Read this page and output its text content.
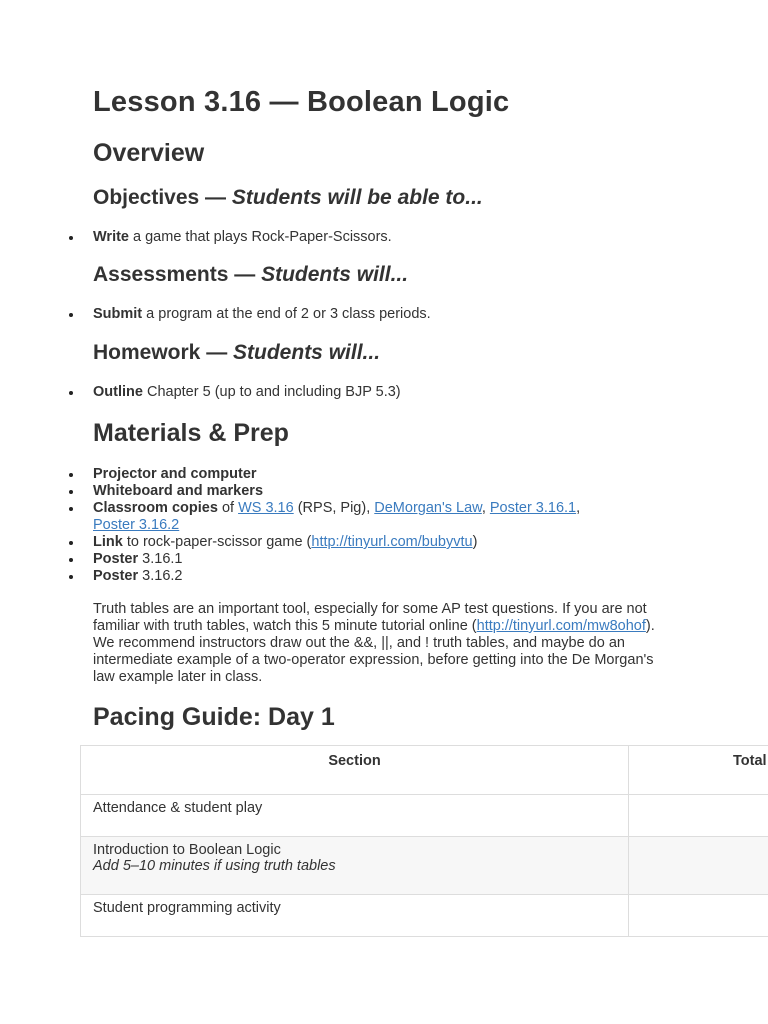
Lesson 3.16 — Boolean Logic
Overview
Objectives — Students will be able to...
Write a game that plays Rock-Paper-Scissors.
Assessments — Students will...
Submit a program at the end of 2 or 3 class periods.
Homework — Students will...
Outline Chapter 5 (up to and including BJP 5.3)
Materials & Prep
Projector and computer
Whiteboard and markers
Classroom copies of WS 3.16 (RPS, Pig), DeMorgan's Law, Poster 3.16.1, Poster 3.16.2
Link to rock-paper-scissor game (http://tinyurl.com/bubyvtu)
Poster 3.16.1
Poster 3.16.2

Truth tables are an important tool, especially for some AP test questions. If you are not familiar with truth tables, watch this 5 minute tutorial online (http://tinyurl.com/mw8ohof). We recommend instructors draw out the &&, ||, and ! truth tables, and maybe do an intermediate example of a two-operator expression, before getting into the De Morgan's law example later in class.

Pacing Guide: Day 1
Section	Total
Attendance & student play	
Introduction to Boolean Logic
Add 5–10 minutes if using truth tables	
Student programming activity	
